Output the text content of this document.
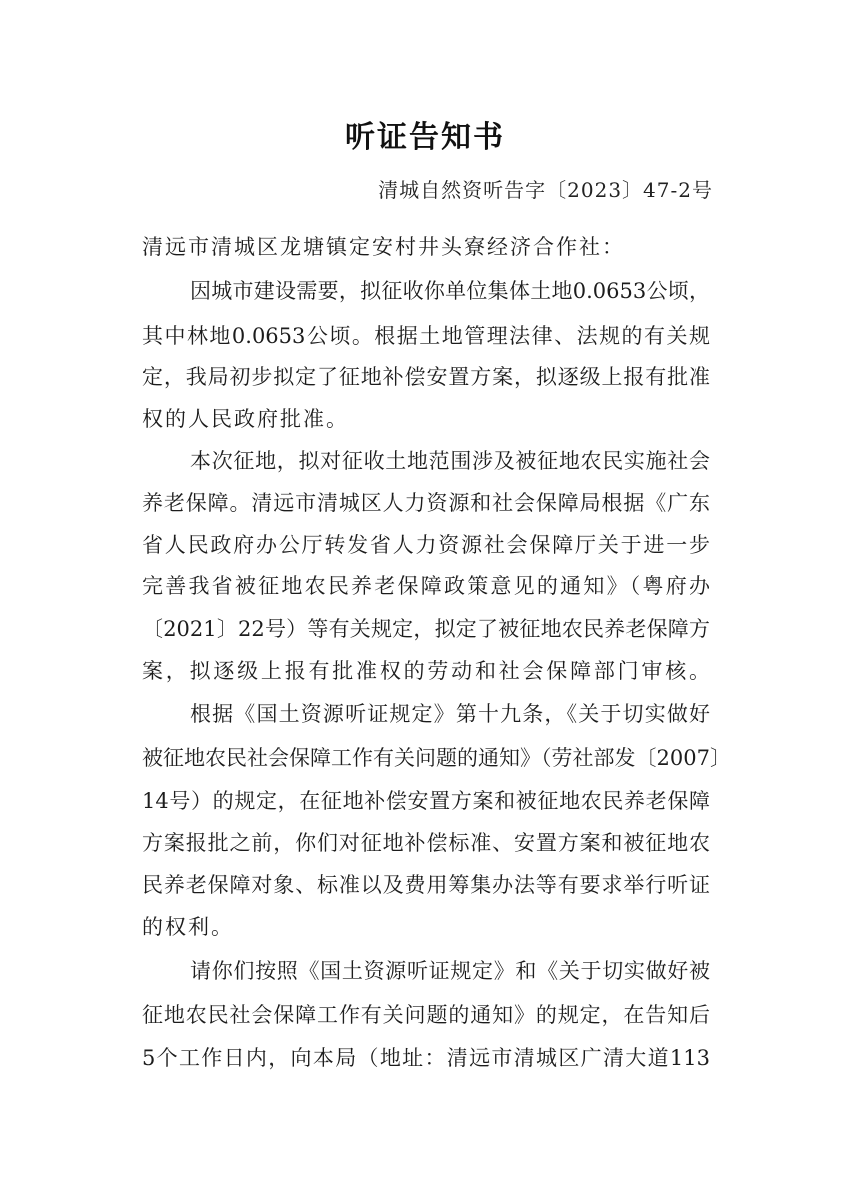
听证告知书
清城自然资听告字〔2023〕47-2号
清远市清城区龙塘镇定安村井头寮经济合作社：
因城市建设需要，拟征收你单位集体土地0.0653公顷，
其中林地0.0653公顷。根据土地管理法律、法规的有关规
定，我局初步拟定了征地补偿安置方案，拟逐级上报有批准
权的人民政府批准。
本次征地，拟对征收土地范围涉及被征地农民实施社会
养老保障。清远市清城区人力资源和社会保障局根据《广东
省人民政府办公厅转发省人力资源社会保障厅关于进一步
完善我省被征地农民养老保障政策意见的通知》（粤府办
〔2021〕22号）等有关规定，拟定了被征地农民养老保障方
案，拟逐级上报有批准权的劳动和社会保障部门审核。
根据《国土资源听证规定》第十九条，《关于切实做好
被征地农民社会保障工作有关问题的通知》（劳社部发〔2007〕
14号）的规定，在征地补偿安置方案和被征地农民养老保障
方案报批之前，你们对征地补偿标准、安置方案和被征地农
民养老保障对象、标准以及费用筹集办法等有要求举行听证
的权利。
请你们按照《国土资源听证规定》和《关于切实做好被
征地农民社会保障工作有关问题的通知》的规定，在告知后
5个工作日内，向本局（地址：清远市清城区广清大道113
